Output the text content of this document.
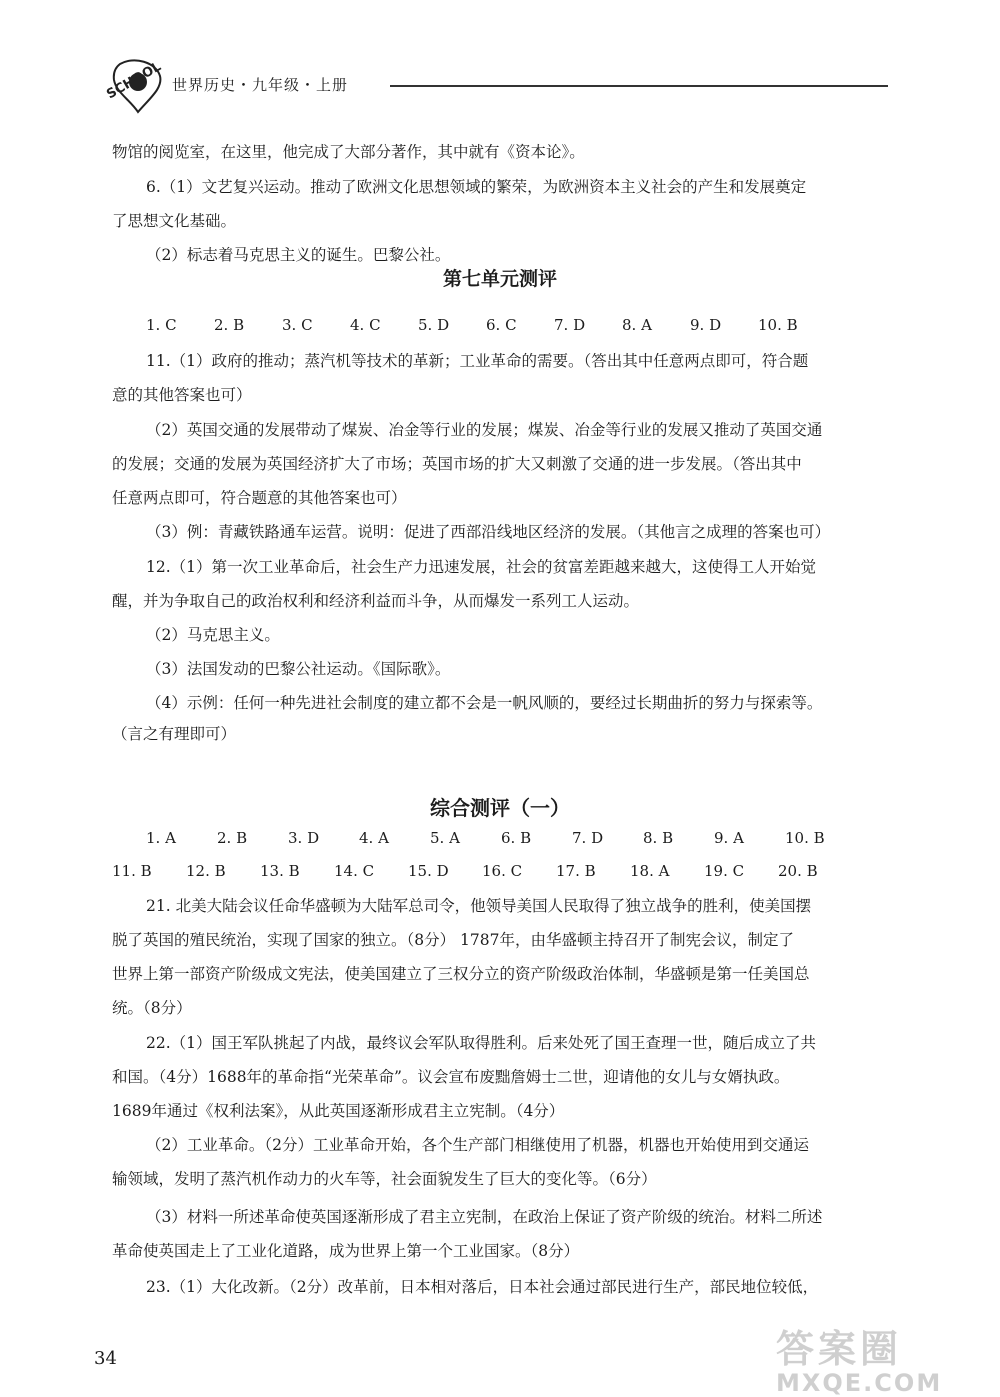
SCHOOL 世界历史・九年级・上册
物馆的阅览室，在这里，他完成了大部分著作，其中就有《资本论》。
6.（1）文艺复兴运动。推动了欧洲文化思想领域的繁荣，为欧洲资本主义社会的产生和发展奠定
了思想文化基础。
（2）标志着马克思主义的诞生。巴黎公社。
第七单元测评
1. C 2. B	3. C 4. C 5. D 6. C 7. D 8. A	9. D 10. B
11.（1）政府的推动；蒸汽机等技术的革新；工业革命的需要。（答出其中任意两点即可，符合题
意的其他答案也可）
（2）英国交通的发展带动了煤炭、冶金等行业的发展；煤炭、冶金等行业的发展又推动了英国交通
的发展；交通的发展为英国经济扩大了市场；英国市场的扩大又刺激了交通的进一步发展。（答出其中
任意两点即可，符合题意的其他答案也可）
（3）例：青藏铁路通车运营。说明：促进了西部沿线地区经济的发展。（其他言之成理的答案也可）
12.（1）第一次工业革命后，社会生产力迅速发展，社会的贫富差距越来越大，这使得工人开始觉
醒，并为争取自己的政治权利和经济利益而斗争，从而爆发一系列工人运动。
（2）马克思主义。
（3）法国发动的巴黎公社运动。《国际歌》。
（4）示例：任何一种先进社会制度的建立都不会是一帆风顺的，要经过长期曲折的努力与探索等。
（言之有理即可）
综合测评（一）
1. A	2. B	3. D	4. A	5. A	6. B	7. D	8. B	9. A	10. B
11. B 12. B 13. B 14. C 15. D 16. C 17. B 18. A 19. C 20. B
21. 北美大陆会议任命华盛顿为大陆军总司令，他领导美国人民取得了独立战争的胜利，使美国摆
脱了英国的殖民统治，实现了国家的独立。（8分） 1787年，由华盛顿主持召开了制宪会议，制定了
世界上第一部资产阶级成文宪法，使美国建立了三权分立的资产阶级政治体制，华盛顿是第一任美国总
统。（8分）
22.（1）国王军队挑起了内战，最终议会军队取得胜利。后来处死了国王查理一世，随后成立了共
和国。（4分）1688年的革命指“光荣革命”。议会宣布废黜詹姆士二世，迎请他的女儿与女婿执政。
1689年通过《权利法案》，从此英国逐渐形成君主立宪制。（4分）
（2）工业革命。（2分）工业革命开始，各个生产部门相继使用了机器，机器也开始使用到交通运
输领域，发明了蒸汽机作动力的火车等，社会面貌发生了巨大的变化等。（6分）
（3）材料一所述革命使英国逐渐形成了君主立宪制，在政治上保证了资产阶级的统治。材料二所述
革命使英国走上了工业化道路，成为世界上第一个工业国家。（8分）
23.（1）大化改新。（2分）改革前，日本相对落后，日本社会通过部民进行生产，部民地位较低，
34	答案圈
MXQE.COM
